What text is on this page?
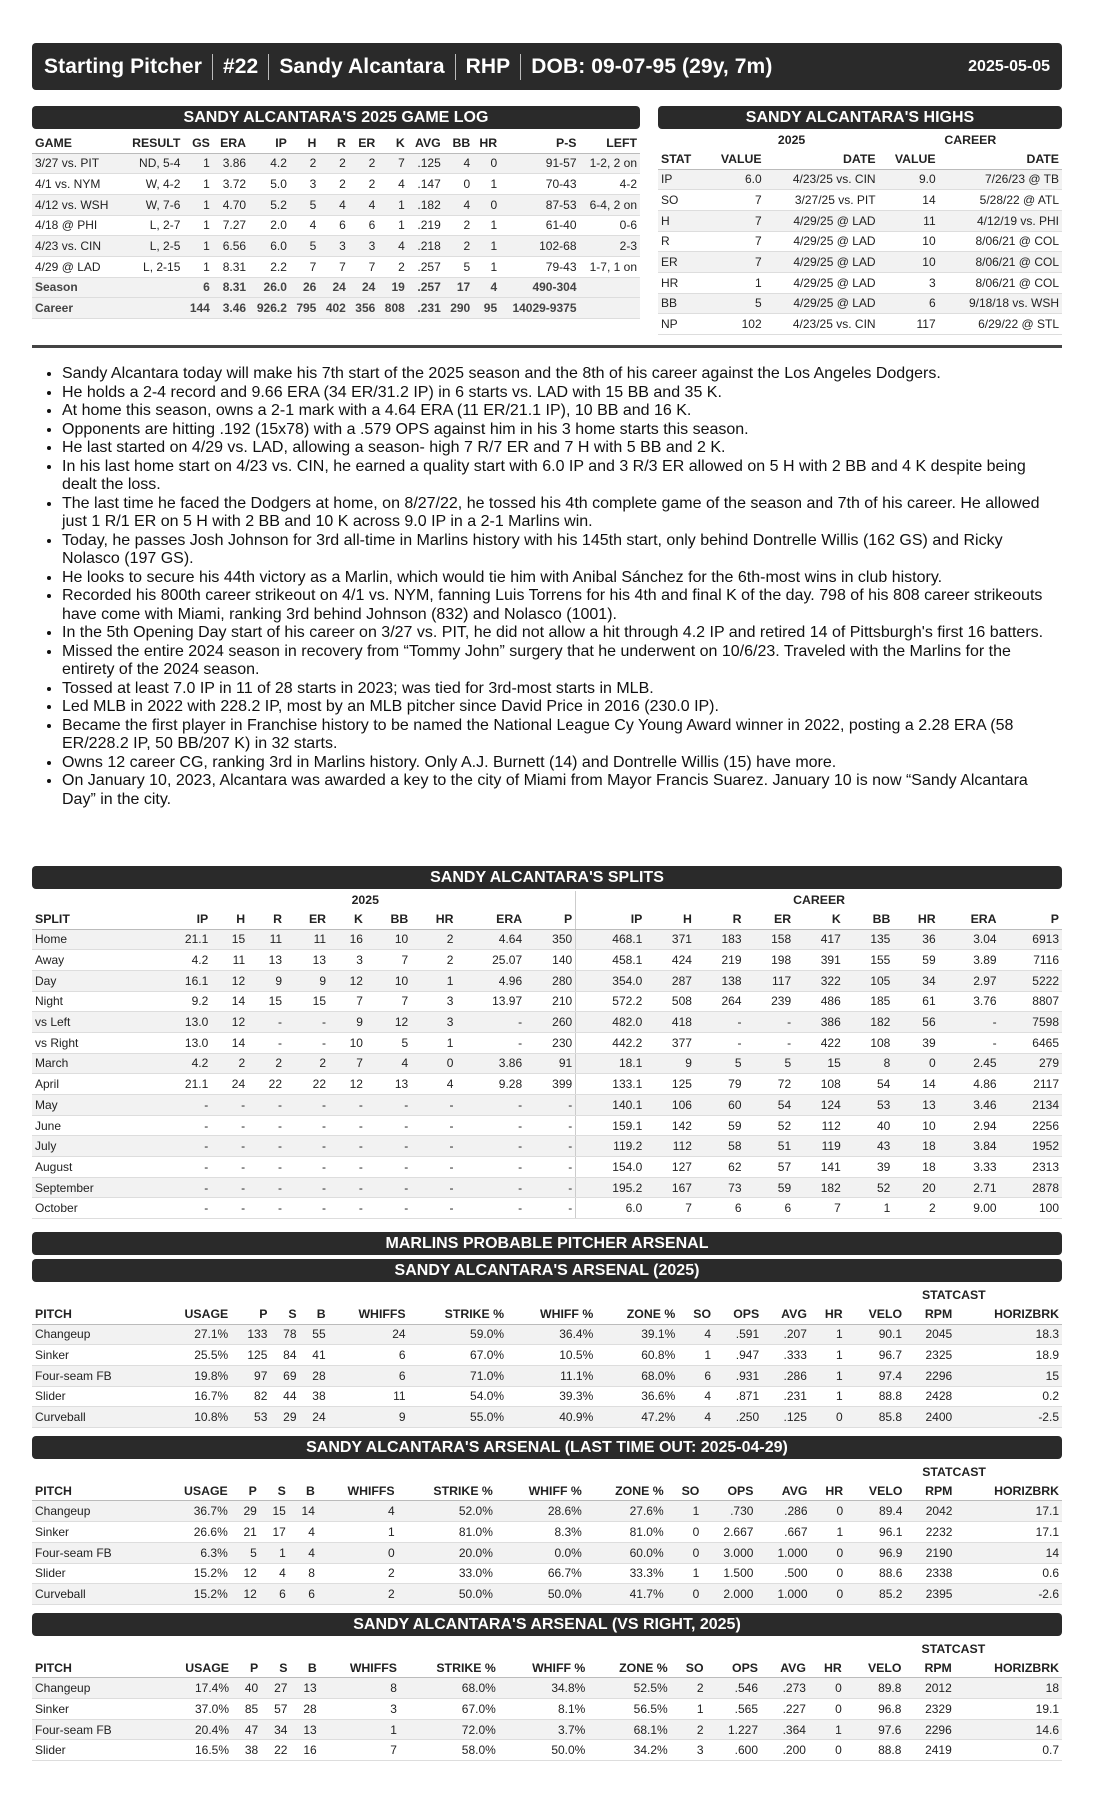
Starting Pitcher #22 Sandy Alcantara RHP DOB: 09-07-95 (29y, 7m)	2025-05-05
SANDY ALCANTARA'S 2025 GAME LOG
GAME	RESULT	GS	ERA	IP	H	R	ER	K	AVG	BB	HR	P-S	LEFT
3/27 vs. PIT	ND, 5-4	1	3.86	4.2	2	2	2	7	.125	4	0	91-57	1-2, 2 on
4/1 vs. NYM	W, 4-2	1	3.72	5.0	3	2	2	4	.147	0	1	70-43	4-2
4/12 vs. WSH	W, 7-6	1	4.70	5.2	5	4	4	1	.182	4	0	87-53	6-4, 2 on
4/18 @ PHI	L, 2-7	1	7.27	2.0	4	6	6	1	.219	2	1	61-40	0-6
4/23 vs. CIN	L, 2-5	1	6.56	6.0	5	3	3	4	.218	2	1	102-68	2-3
4/29 @ LAD	L, 2-15	1	8.31	2.2	7	7	7	2	.257	5	1	79-43	1-7, 1 on
Season		6	8.31	26.0	26	24	24	19	.257	17	4	490-304	
Career		144	3.46	926.2	795	402	356	808	.231	290	95	14029-9375	
SANDY ALCANTARA'S HIGHS
	2025		CAREER	
STAT	VALUE	DATE	VALUE	DATE
IP	6.0	4/23/25 vs. CIN	9.0	7/26/23 @ TB
SO	7	3/27/25 vs. PIT	14	5/28/22 @ ATL
H	7	4/29/25 @ LAD	11	4/12/19 vs. PHI
R	7	4/29/25 @ LAD	10	8/06/21 @ COL
ER	7	4/29/25 @ LAD	10	8/06/21 @ COL
HR	1	4/29/25 @ LAD	3	8/06/21 @ COL
BB	5	4/29/25 @ LAD	6	9/18/18 vs. WSH
NP	102	4/23/25 vs. CIN	117	6/29/22 @ STL
• Sandy Alcantara today will make his 7th start of the 2025 season and the 8th of his career against the Los Angeles Dodgers.
• He holds a 2-4 record and 9.66 ERA (34 ER/31.2 IP) in 6 starts vs. LAD with 15 BB and 35 K.
• At home this season, owns a 2-1 mark with a 4.64 ERA (11 ER/21.1 IP), 10 BB and 16 K.
• Opponents are hitting .192 (15x78) with a .579 OPS against him in his 3 home starts this season.
• He last started on 4/29 vs. LAD, allowing a season- high 7 R/7 ER and 7 H with 5 BB and 2 K.
• In his last home start on 4/23 vs. CIN, he earned a quality start with 6.0 IP and 3 R/3 ER allowed on 5 H with 2 BB and 4 K despite being dealt the loss.
• The last time he faced the Dodgers at home, on 8/27/22, he tossed his 4th complete game of the season and 7th of his career. He allowed just 1 R/1 ER on 5 H with 2 BB and 10 K across 9.0 IP in a 2-1 Marlins win.
• Today, he passes Josh Johnson for 3rd all-time in Marlins history with his 145th start, only behind Dontrelle Willis (162 GS) and Ricky Nolasco (197 GS).
• He looks to secure his 44th victory as a Marlin, which would tie him with Anibal Sánchez for the 6th-most wins in club history.
• Recorded his 800th career strikeout on 4/1 vs. NYM, fanning Luis Torrens for his 4th and final K of the day. 798 of his 808 career strikeouts have come with Miami, ranking 3rd behind Johnson (832) and Nolasco (1001).
• In the 5th Opening Day start of his career on 3/27 vs. PIT, he did not allow a hit through 4.2 IP and retired 14 of Pittsburgh's first 16 batters.
• Missed the entire 2024 season in recovery from “Tommy John” surgery that he underwent on 10/6/23. Traveled with the Marlins for the entirety of the 2024 season.
• Tossed at least 7.0 IP in 11 of 28 starts in 2023; was tied for 3rd-most starts in MLB.
• Led MLB in 2022 with 228.2 IP, most by an MLB pitcher since David Price in 2016 (230.0 IP).
• Became the first player in Franchise history to be named the National League Cy Young Award winner in 2022, posting a 2.28 ERA (58 ER/228.2 IP, 50 BB/207 K) in 32 starts.
• Owns 12 career CG, ranking 3rd in Marlins history. Only A.J. Burnett (14) and Dontrelle Willis (15) have more.
• On January 10, 2023, Alcantara was awarded a key to the city of Miami from Mayor Francis Suarez. January 10 is now “Sandy Alcantara Day” in the city.
SANDY ALCANTARA'S SPLITS
	2025									CAREER								
SPLIT	IP	H	R	ER	K	BB	HR	ERA	P	IP	H	R	ER	K	BB	HR	ERA	P
Home	21.1	15	11	11	16	10	2	4.64	350	468.1	371	183	158	417	135	36	3.04	6913
Away	4.2	11	13	13	3	7	2	25.07	140	458.1	424	219	198	391	155	59	3.89	7116
Day	16.1	12	9	9	12	10	1	4.96	280	354.0	287	138	117	322	105	34	2.97	5222
Night	9.2	14	15	15	7	7	3	13.97	210	572.2	508	264	239	486	185	61	3.76	8807
vs Left	13.0	12	-	-	9	12	3	-	260	482.0	418	-	-	386	182	56	-	7598
vs Right	13.0	14	-	-	10	5	1	-	230	442.2	377	-	-	422	108	39	-	6465
March	4.2	2	2	2	7	4	0	3.86	91	18.1	9	5	5	15	8	0	2.45	279
April	21.1	24	22	22	12	13	4	9.28	399	133.1	125	79	72	108	54	14	4.86	2117
May	-	-	-	-	-	-	-	-	-	140.1	106	60	54	124	53	13	3.46	2134
June	-	-	-	-	-	-	-	-	-	159.1	142	59	52	112	40	10	2.94	2256
July	-	-	-	-	-	-	-	-	-	119.2	112	58	51	119	43	18	3.84	1952
August	-	-	-	-	-	-	-	-	-	154.0	127	62	57	141	39	18	3.33	2313
September	-	-	-	-	-	-	-	-	-	195.2	167	73	59	182	52	20	2.71	2878
October	-	-	-	-	-	-	-	-	-	6.0	7	6	6	7	1	2	9.00	100
MARLINS PROBABLE PITCHER ARSENAL
SANDY ALCANTARA'S ARSENAL (2025)
													STATCAST		
PITCH	USAGE	P	S	B	WHIFFS	STRIKE %	WHIFF %	ZONE %	SO	OPS	AVG	HR	VELO	RPM	HORIZBRK
Changeup	27.1%	133	78	55	24	59.0%	36.4%	39.1%	4	.591	.207	1	90.1	2045	18.3
Sinker	25.5%	125	84	41	6	67.0%	10.5%	60.8%	1	.947	.333	1	96.7	2325	18.9
Four-seam FB	19.8%	97	69	28	6	71.0%	11.1%	68.0%	6	.931	.286	1	97.4	2296	15
Slider	16.7%	82	44	38	11	54.0%	39.3%	36.6%	4	.871	.231	1	88.8	2428	0.2
Curveball	10.8%	53	29	24	9	55.0%	40.9%	47.2%	4	.250	.125	0	85.8	2400	-2.5
SANDY ALCANTARA'S ARSENAL (LAST TIME OUT: 2025-04-29)
													STATCAST		
PITCH	USAGE	P	S	B	WHIFFS	STRIKE %	WHIFF %	ZONE %	SO	OPS	AVG	HR	VELO	RPM	HORIZBRK
Changeup	36.7%	29	15	14	4	52.0%	28.6%	27.6%	1	.730	.286	0	89.4	2042	17.1
Sinker	26.6%	21	17	4	1	81.0%	8.3%	81.0%	0	2.667	.667	1	96.1	2232	17.1
Four-seam FB	6.3%	5	1	4	0	20.0%	0.0%	60.0%	0	3.000	1.000	0	96.9	2190	14
Slider	15.2%	12	4	8	2	33.0%	66.7%	33.3%	1	1.500	.500	0	88.6	2338	0.6
Curveball	15.2%	12	6	6	2	50.0%	50.0%	41.7%	0	2.000	1.000	0	85.2	2395	-2.6
SANDY ALCANTARA'S ARSENAL (VS RIGHT, 2025)
													STATCAST		
PITCH	USAGE	P	S	B	WHIFFS	STRIKE %	WHIFF %	ZONE %	SO	OPS	AVG	HR	VELO	RPM	HORIZBRK
Changeup	17.4%	40	27	13	8	68.0%	34.8%	52.5%	2	.546	.273	0	89.8	2012	18
Sinker	37.0%	85	57	28	3	67.0%	8.1%	56.5%	1	.565	.227	0	96.8	2329	19.1
Four-seam FB	20.4%	47	34	13	1	72.0%	3.7%	68.1%	2	1.227	.364	1	97.6	2296	14.6
Slider	16.5%	38	22	16	7	58.0%	50.0%	34.2%	3	.600	.200	0	88.8	2419	0.7
